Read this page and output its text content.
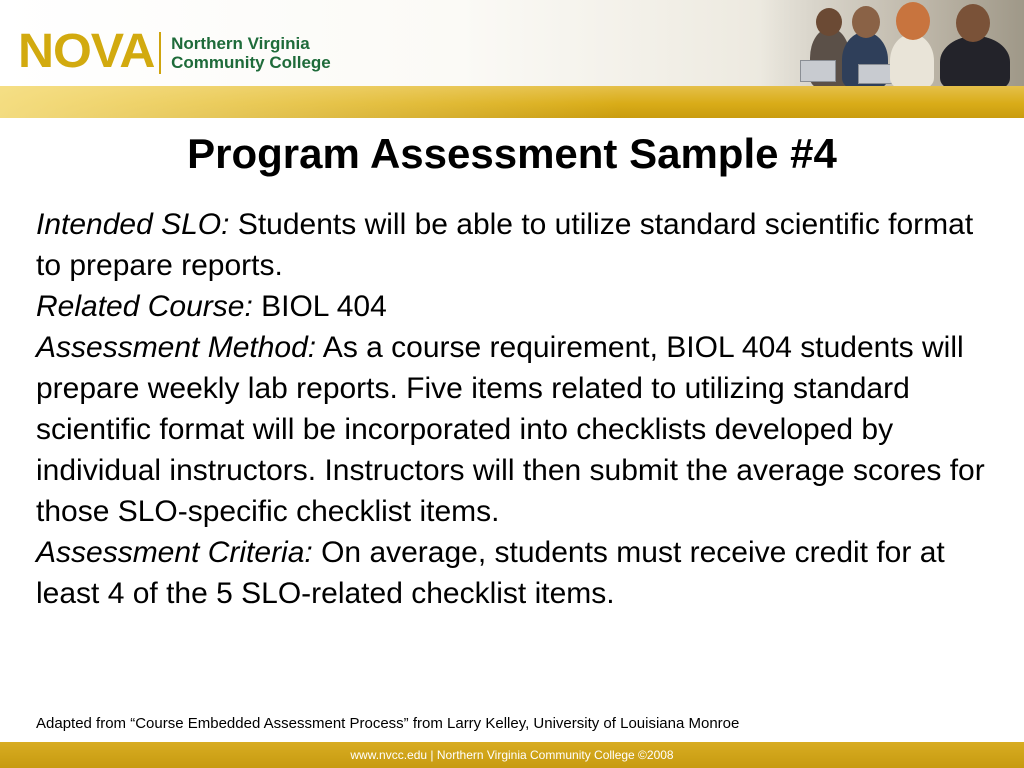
NOVA Northern Virginia
Community College
Program Assessment Sample #4

Intended SLO: Students will be able to utilize standard scientific format to prepare reports.

Related Course: BIOL 404

Assessment Method: As a course requirement, BIOL 404 students will prepare weekly lab reports. Five items related to utilizing standard scientific format will be incorporated into checklists developed by individual instructors. Instructors will then submit the average scores for those SLO-specific checklist items.

Assessment Criteria: On average, students must receive credit for at least 4 of the 5 SLO-related checklist items.

Adapted from “Course Embedded Assessment Process” from Larry Kelley, University of Louisiana Monroe
www.nvcc.edu | Northern Virginia Community College ©2008
